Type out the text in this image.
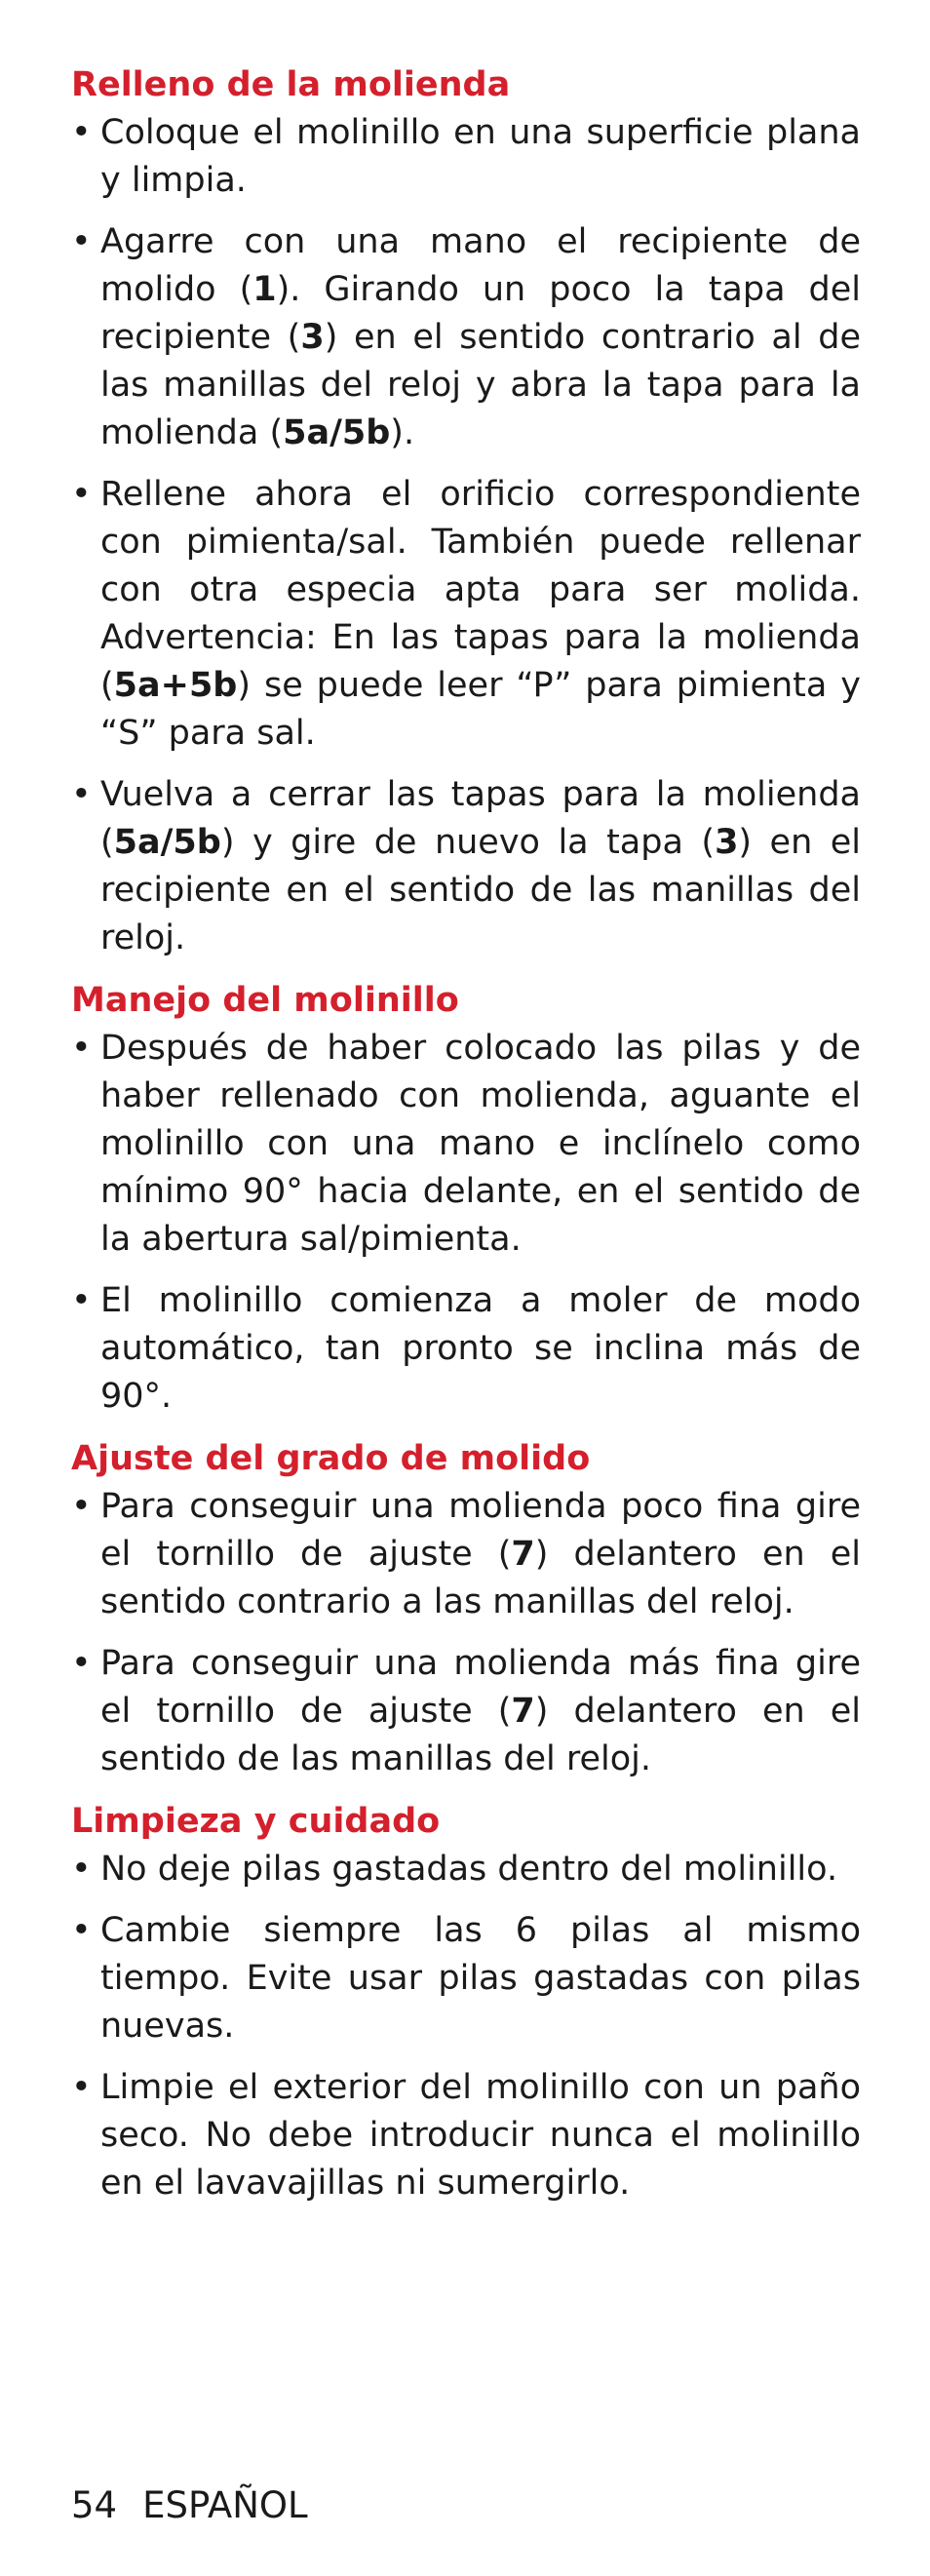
Relleno de la molienda
• Coloque el molinillo en una superficie plana y limpia.
• Agarre con una mano el recipiente de molido (1). Girando un poco la tapa del recipiente (3) en el sentido contrario al de las manillas del reloj y abra la tapa para la molienda (5a/5b).
• Rellene ahora el orificio correspondiente con pimienta/sal. También puede rellenar con otra especia apta para ser molida. Advertencia: En las tapas para la molienda (5a+5b) se puede leer “P” para pimienta y “S” para sal.
• Vuelva a cerrar las tapas para la molienda (5a/5b) y gire de nuevo la tapa (3) en el recipiente en el sentido de las manillas del reloj.
Manejo del molinillo
• Después de haber colocado las pilas y de haber rellenado con molienda, aguante el molinillo con una mano e inclínelo como mínimo 90° hacia delante, en el sentido de la abertura sal/pimienta.
• El molinillo comienza a moler de modo automático, tan pronto se inclina más de 90°.
Ajuste del grado de molido
• Para conseguir una molienda poco fina gire el tornillo de ajuste (7) delantero en el sentido contrario a las manillas del reloj.
• Para conseguir una molienda más fina gire el tornillo de ajuste (7) delantero en el sentido de las manillas del reloj.
Limpieza y cuidado
• No deje pilas gastadas dentro del molinillo.
• Cambie siempre las 6 pilas al mismo tiempo. Evite usar pilas gastadas con pilas nuevas.
• Limpie el exterior del molinillo con un paño seco. No debe introducir nunca el molinillo en el lavavajillas ni sumergirlo.
54 ESPAÑOL
